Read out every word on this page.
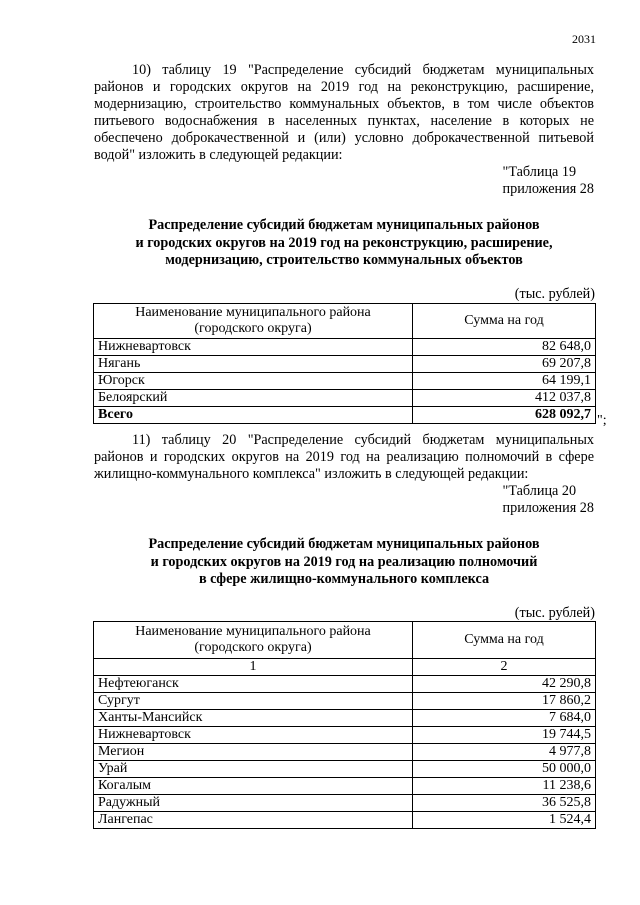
2031

10) таблицу 19 "Распределение субсидий бюджетам муниципальных районов и городских округов на 2019 год на реконструкцию, расширение, модернизацию, строительство коммунальных объектов, в том числе объектов питьевого водоснабжения в населенных пунктах, население в которых не обеспечено доброкачественной и (или) условно доброкачественной питьевой водой" изложить в следующей редакции:

"Таблица 19
приложения 28
Распределение субсидий бюджетам муниципальных районов
и городских округов на 2019 год на реконструкцию, расширение,
модернизацию, строительство коммунальных объектов
(тыс. рублей)
Наименование муниципального района
(городского округа)	Сумма на год
Нижневартовск	82 648,0
Нягань	69 207,8
Югорск	64 199,1
Белоярский	412 037,8
Всего	628 092,7 ";

11) таблицу 20 "Распределение субсидий бюджетам муниципальных районов и городских округов на 2019 год на реализацию полномочий в сфере жилищно-коммунального комплекса" изложить в следующей редакции:

"Таблица 20
приложения 28
Распределение субсидий бюджетам муниципальных районов
и городских округов на 2019 год на реализацию полномочий
в сфере жилищно-коммунального комплекса
(тыс. рублей)
Наименование муниципального района
(городского округа)	Сумма на год
1	2
Нефтеюганск	42 290,8
Сургут	17 860,2
Ханты-Мансийск	7 684,0
Нижневартовск	19 744,5
Мегион	4 977,8
Урай	50 000,0
Когалым	11 238,6
Радужный	36 525,8
Лангепас	1 524,4
